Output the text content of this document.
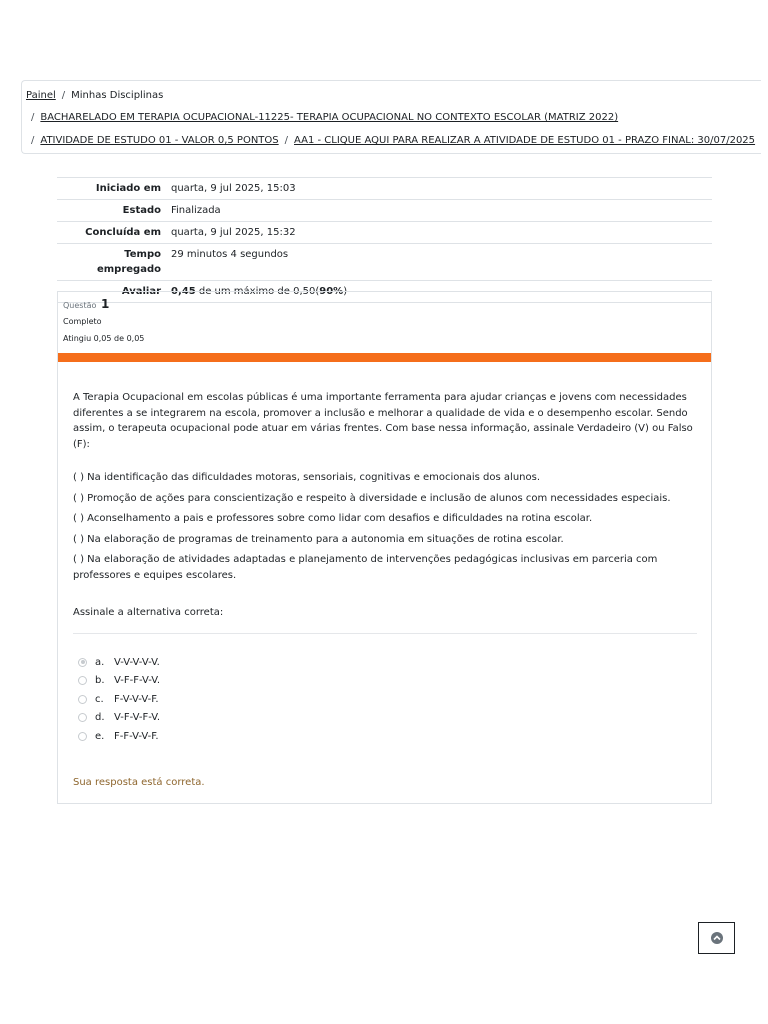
Painel / Minhas Disciplinas
/ BACHARELADO EM TERAPIA OCUPACIONAL-11225- TERAPIA OCUPACIONAL NO CONTEXTO ESCOLAR (MATRIZ 2022)
/ ATIVIDADE DE ESTUDO 01 - VALOR 0,5 PONTOS / AA1 - CLIQUE AQUI PARA REALIZAR A ATIVIDADE DE ESTUDO 01 - PRAZO FINAL: 30/07/2025
Iniciado em	quarta, 9 jul 2025, 15:03
Estado	Finalizada
Concluída em	quarta, 9 jul 2025, 15:32
Tempo empregado	29 minutos 4 segundos
Avaliar	0,45 de um máximo de 0,50(90%)
Questão 1
Completo
Atingiu 0,05 de 0,05

A Terapia Ocupacional em escolas públicas é uma importante ferramenta para ajudar crianças e jovens com necessidades diferentes a se integrarem na escola, promover a inclusão e melhorar a qualidade de vida e o desempenho escolar. Sendo assim, o terapeuta ocupacional pode atuar em várias frentes. Com base nessa informação, assinale Verdadeiro (V) ou Falso (F):

( ) Na identificação das dificuldades motoras, sensoriais, cognitivas e emocionais dos alunos.

( ) Promoção de ações para conscientização e respeito à diversidade e inclusão de alunos com necessidades especiais.

( ) Aconselhamento a pais e professores sobre como lidar com desafios e dificuldades na rotina escolar.

( ) Na elaboração de programas de treinamento para a autonomia em situações de rotina escolar.

( ) Na elaboração de atividades adaptadas e planejamento de intervenções pedagógicas inclusivas em parceria com professores e equipes escolares.

Assinale a alternativa correta:

a. V-V-V-V-V.
b. V-F-F-V-V.
c.	F-V-V-V-F.
d. V-F-V-F-V.
e. F-F-V-V-F.
Sua resposta está correta.
